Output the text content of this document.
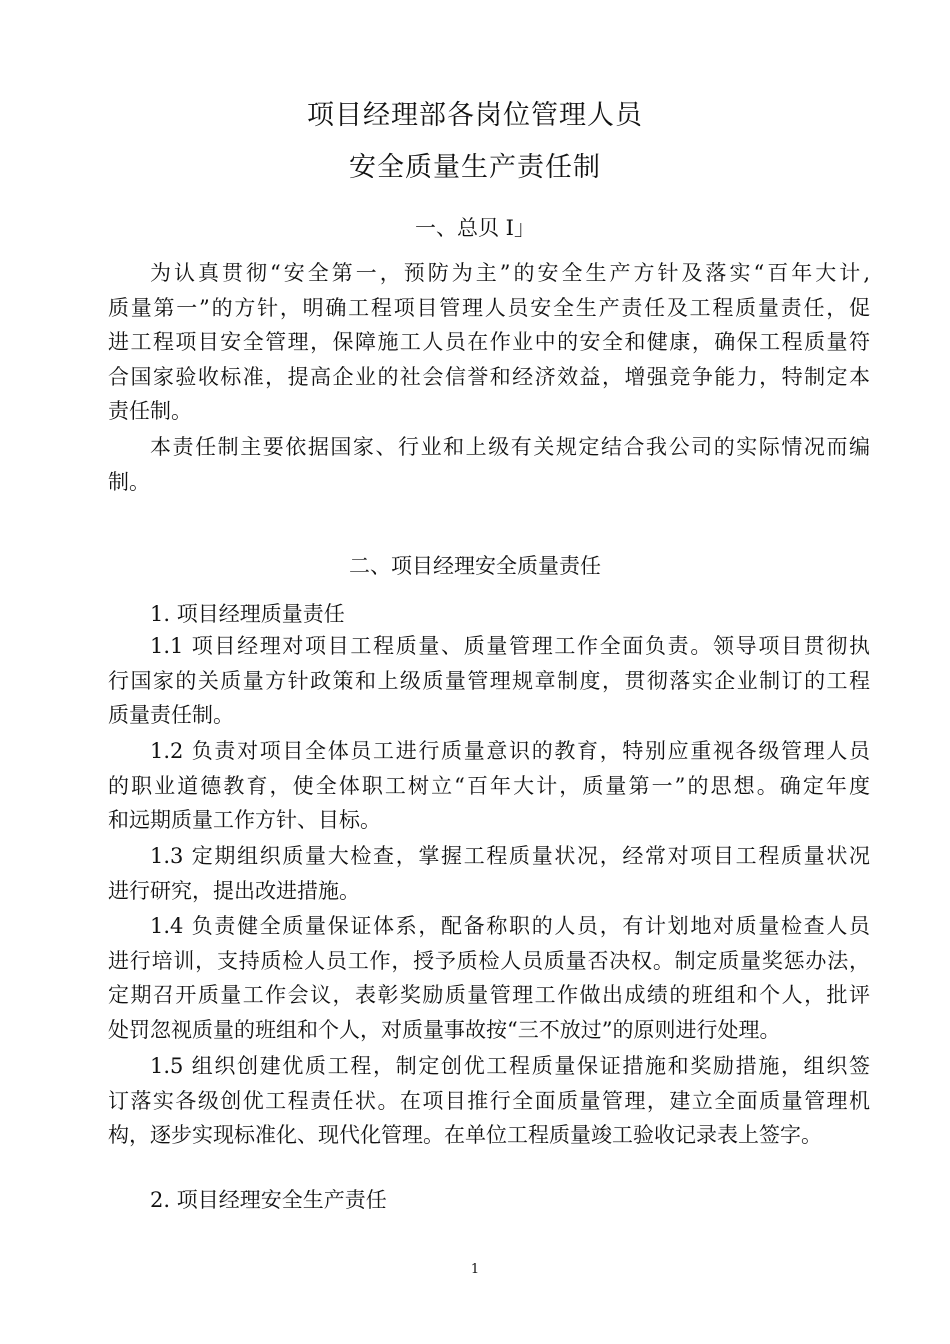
项目经理部各岗位管理人员
安全质量生产责任制
一、总贝 I」
为认真贯彻“安全第一，预防为主”的安全生产方针及落实“百年大计,
质量第一”的方针，明确工程项目管理人员安全生产责任及工程质量责任，促
进工程项目安全管理，保障施工人员在作业中的安全和健康，确保工程质量符
合国家验收标准，提高企业的社会信誉和经济效益，增强竞争能力，特制定本
责任制。
本责任制主要依据国家、行业和上级有关规定结合我公司的实际情况而编
制。
二、项目经理安全质量责任
1. 项目经理质量责任
1.1 项目经理对项目工程质量、质量管理工作全面负责。领导项目贯彻执
行国家的关质量方针政策和上级质量管理规章制度，贯彻落实企业制订的工程
质量责任制。
1.2 负责对项目全体员工进行质量意识的教育，特别应重视各级管理人员
的职业道德教育，使全体职工树立“百年大计，质量第一”的思想。确定年度
和远期质量工作方针、目标。
1.3 定期组织质量大检查，掌握工程质量状况，经常对项目工程质量状况
进行研究，提出改进措施。
1.4 负责健全质量保证体系，配备称职的人员，有计划地对质量检查人员
进行培训，支持质检人员工作，授予质检人员质量否决权。制定质量奖惩办法，
定期召开质量工作会议，表彰奖励质量管理工作做出成绩的班组和个人，批评
处罚忽视质量的班组和个人，对质量事故按“三不放过”的原则进行处理。
1.5 组织创建优质工程，制定创优工程质量保证措施和奖励措施，组织签
订落实各级创优工程责任状。在项目推行全面质量管理，建立全面质量管理机
构，逐步实现标准化、现代化管理。在单位工程质量竣工验收记录表上签字。
2. 项目经理安全生产责任
1
